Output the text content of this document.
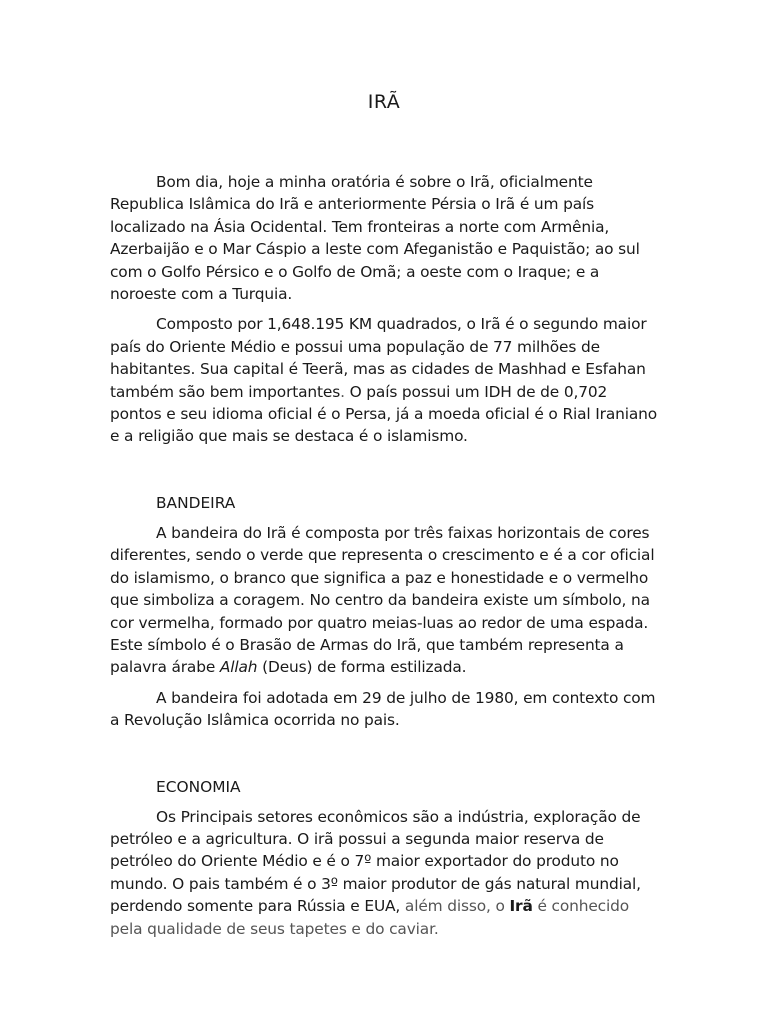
IRÃ

Bom dia, hoje a minha oratória é sobre o Irã, oficialmente Republica Islâmica do Irã e anteriormente Pérsia o Irã é um país localizado na Ásia Ocidental. Tem fronteiras a norte com Armênia, Azerbaijão e o Mar Cáspio a leste com Afeganistão e Paquistão; ao sul com o Golfo Pérsico e o Golfo de Omã; a oeste com o Iraque; e a noroeste com a Turquia.

Composto por 1,648.195 KM quadrados, o Irã é o segundo maior país do Oriente Médio e possui uma população de 77 milhões de habitantes. Sua capital é Teerã, mas as cidades de Mashhad e Esfahan também são bem importantes. O país possui um IDH de de 0,702 pontos e seu idioma oficial é o Persa, já a moeda oficial é o Rial Iraniano e a religião que mais se destaca é o islamismo.

BANDEIRA

A bandeira do Irã é composta por três faixas horizontais de cores diferentes, sendo o verde que representa o crescimento e é a cor oficial do islamismo, o branco que significa a paz e honestidade e o vermelho que simboliza a coragem. No centro da bandeira existe um símbolo, na cor vermelha, formado por quatro meias-luas ao redor de uma espada. Este símbolo é o Brasão de Armas do Irã, que também representa a palavra árabe Allah (Deus) de forma estilizada.

A bandeira foi adotada em 29 de julho de 1980, em contexto com a Revolução Islâmica ocorrida no pais.

ECONOMIA

Os Principais setores econômicos são a indústria, exploração de petróleo e a agricultura. O irã possui a segunda maior reserva de petróleo do Oriente Médio e é o 7º maior exportador do produto no mundo. O pais também é o 3º maior produtor de gás natural mundial, perdendo somente para Rússia e EUA, além disso, o Irã é conhecido pela qualidade de seus tapetes e do caviar.
